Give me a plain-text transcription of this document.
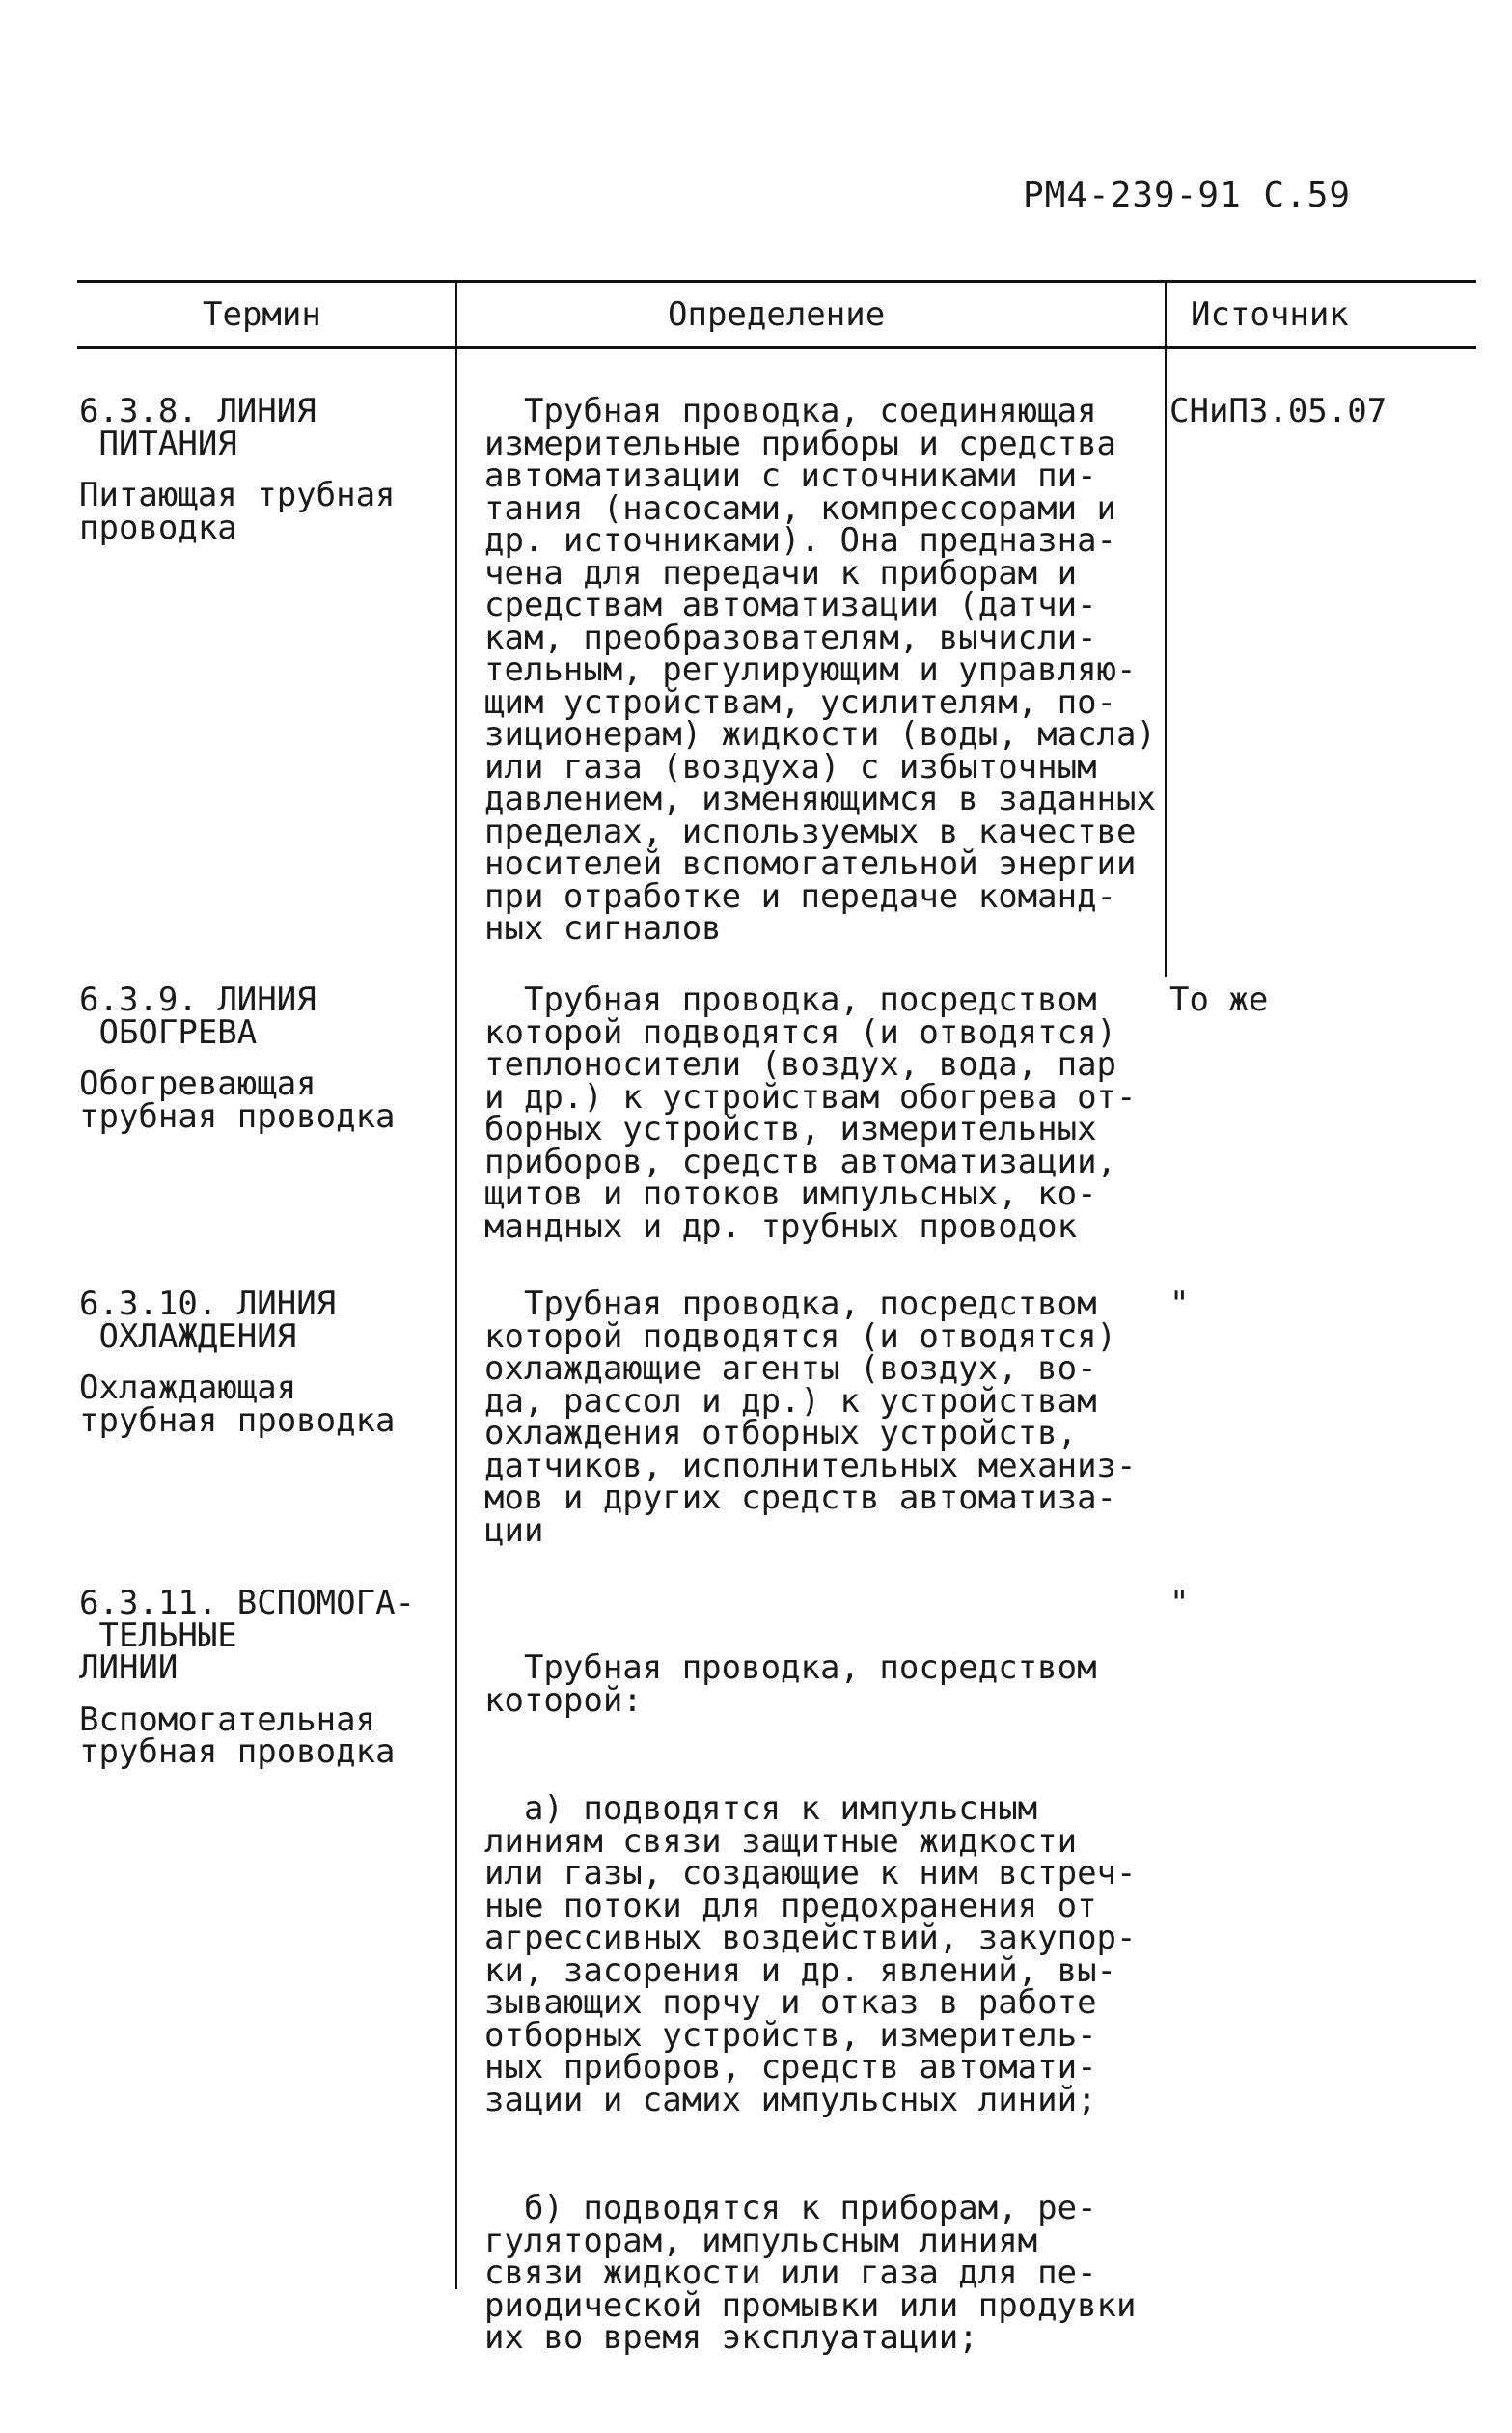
РМ4-239-91 С.59
Термин	Определение	Источник
6.3.8. ЛИНИЯ
ПИТАНИЯ
Питающая трубная
проводка
Трубная проводка, соединяющая
измерительные приборы и средства
автоматизации с источниками пи-
тания (насосами, компрессорами и
др. источниками). Она предназна-
чена для передачи к приборам и
средствам автоматизации (датчи-
кам, преобразователям, вычисли-
тельным, регулирующим и управляю-
щим устройствам, усилителям, по-
зиционерам) жидкости (воды, масла)
или газа (воздуха) с избыточным
давлением, изменяющимся в заданных
пределах, используемых в качестве
носителей вспомогательной энергии
при отработке и передаче команд-
ных сигналов
СНиП3.05.07
6.3.9. ЛИНИЯ
ОБОГРЕВА
Обогревающая
трубная проводка
Трубная проводка, посредством
которой подводятся (и отводятся)
теплоносители (воздух, вода, пар
и др.) к устройствам обогрева от-
борных устройств, измерительных
приборов, средств автоматизации,
щитов и потоков импульсных, ко-
мандных и др. трубных проводок
То же
6.3.10. ЛИНИЯ
ОХЛАЖДЕНИЯ
Охлаждающая
трубная проводка
Трубная проводка, посредством
которой подводятся (и отводятся)
охлаждающие агенты (воздух, во-
да, рассол и др.) к устройствам
охлаждения отборных устройств,
датчиков, исполнительных механиз-
мов и других средств автоматиза-
ции
"
6.3.11. ВСПОМОГА-
ТЕЛЬНЫЕ
ЛИНИИ
Вспомогательная
трубная проводка

Трубная проводка, посредством
которой:

а) подводятся к импульсным
линиям связи защитные жидкости
или газы, создающие к ним встреч-
ные потоки для предохранения от
агрессивных воздействий, закупор-
ки, засорения и др. явлений, вы-
зывающих порчу и отказ в работе
отборных устройств, измеритель-
ных приборов, средств автомати-
зации и самих импульсных линий;

б) подводятся к приборам, ре-
гуляторам, импульсным линиям
связи жидкости или газа для пе-
риодической промывки или продувки
их во время эксплуатации;

"
